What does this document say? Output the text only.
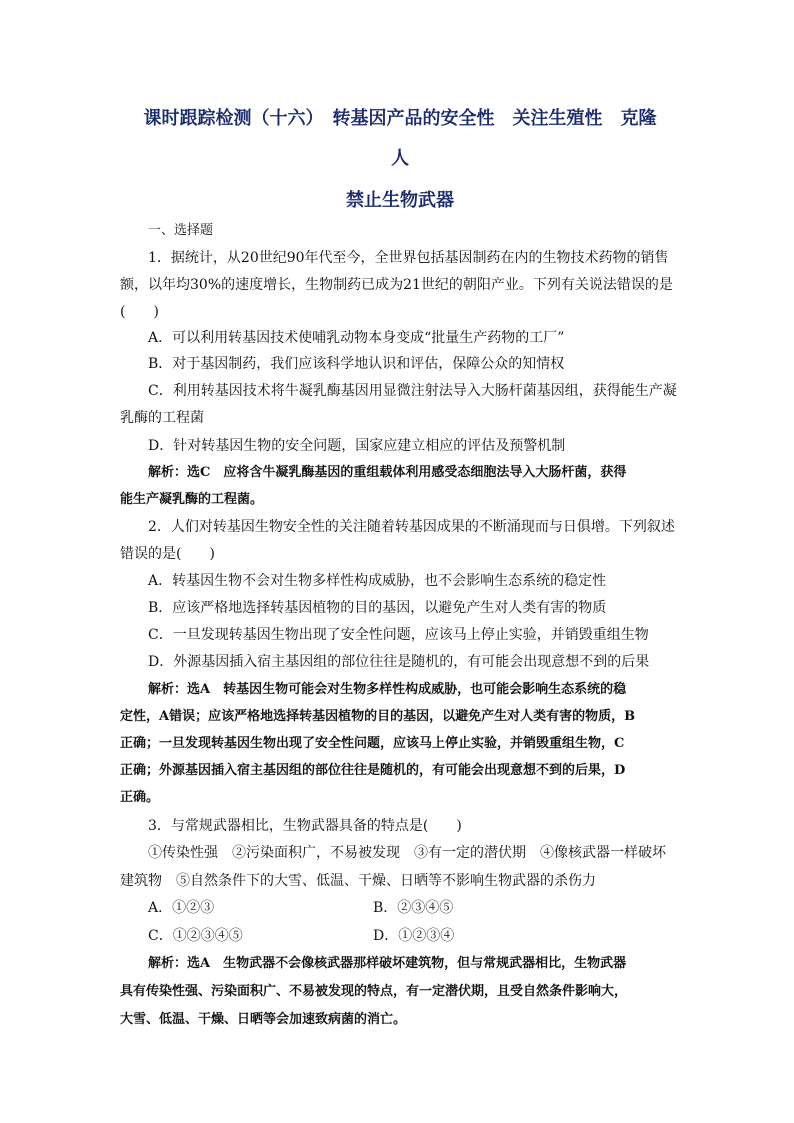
课时跟踪检测（十六）　转基因产品的安全性　关注生殖性　克隆
人
禁止生物武器
一、选择题
1．据统计，从20世纪90年代至今，全世界包括基因制药在内的生物技术药物的销售
额，以年均30%的速度增长，生物制药已成为21世纪的朝阳产业。下列有关说法错误的是
(　　)
A．可以利用转基因技术使哺乳动物本身变成“批量生产药物的工厂”
B．对于基因制药，我们应该科学地认识和评估，保障公众的知情权
C．利用转基因技术将牛凝乳酶基因用显微注射法导入大肠杆菌基因组，获得能生产凝
乳酶的工程菌
D．针对转基因生物的安全问题，国家应建立相应的评估及预警机制
解析：选C　应将含牛凝乳酶基因的重组载体利用感受态细胞法导入大肠杆菌，获得
能生产凝乳酶的工程菌。
2．人们对转基因生物安全性的关注随着转基因成果的不断涌现而与日俱增。下列叙述
错误的是(　　)
A．转基因生物不会对生物多样性构成威胁，也不会影响生态系统的稳定性
B．应该严格地选择转基因植物的目的基因，以避免产生对人类有害的物质
C．一旦发现转基因生物出现了安全性问题，应该马上停止实验，并销毁重组生物
D．外源基因插入宿主基因组的部位往往是随机的，有可能会出现意想不到的后果
解析：选A　转基因生物可能会对生物多样性构成威胁，也可能会影响生态系统的稳
定性，A错误；应该严格地选择转基因植物的目的基因，以避免产生对人类有害的物质，B
正确；一旦发现转基因生物出现了安全性问题，应该马上停止实验，并销毁重组生物，C
正确；外源基因插入宿主基因组的部位往往是随机的，有可能会出现意想不到的后果，D
正确。
3．与常规武器相比，生物武器具备的特点是(　　)
①传染性强　②污染面积广，不易被发现　③有一定的潜伏期　④像核武器一样破坏
建筑物　⑤自然条件下的大雪、低温、干燥、日晒等不影响生物武器的杀伤力
A．①②③	B．②③④⑤
C．①②③④⑤	D．①②③④
解析：选A　生物武器不会像核武器那样破坏建筑物，但与常规武器相比，生物武器
具有传染性强、污染面积广、不易被发现的特点，有一定潜伏期，且受自然条件影响大，
大雪、低温、干燥、日晒等会加速致病菌的消亡。
